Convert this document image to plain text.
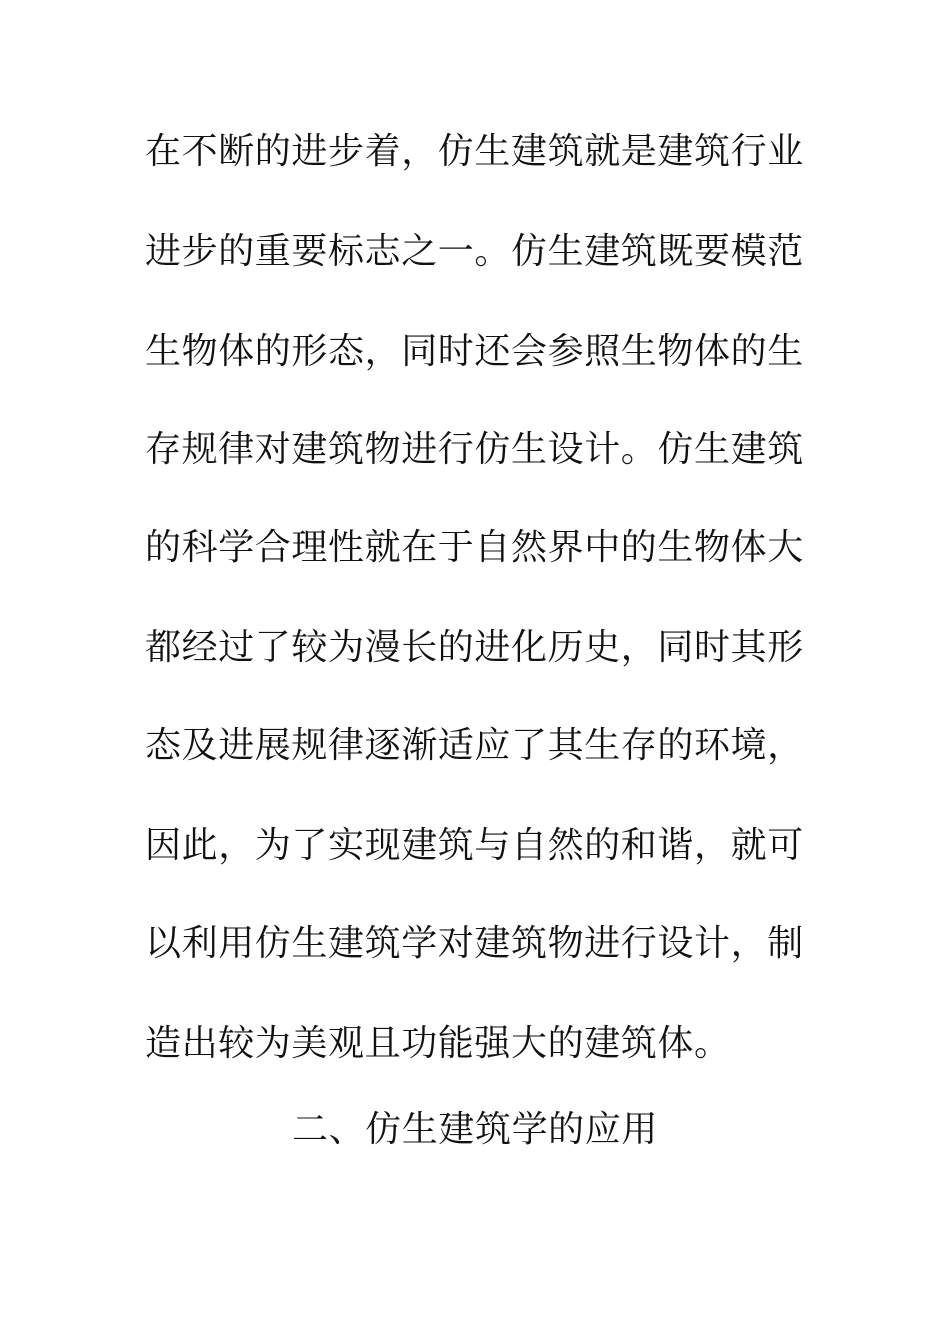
在不断的进步着，仿生建筑就是建筑行业
进步的重要标志之一。仿生建筑既要模范
生物体的形态，同时还会参照生物体的生
存规律对建筑物进行仿生设计。仿生建筑
的科学合理性就在于自然界中的生物体大
都经过了较为漫长的进化历史，同时其形
态及进展规律逐渐适应了其生存的环境，
因此，为了实现建筑与自然的和谐，就可
以利用仿生建筑学对建筑物进行设计，制
造出较为美观且功能强大的建筑体。
二、仿生建筑学的应用
